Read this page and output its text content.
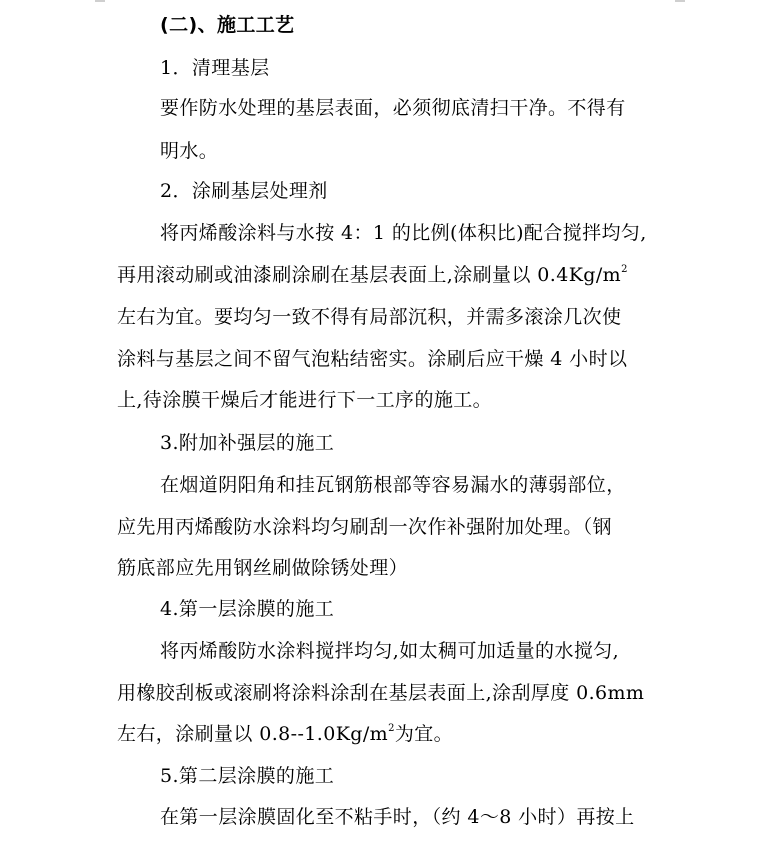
(二)、施工工艺
1．清理基层
要作防水处理的基层表面，必须彻底清扫干净。不得有
明水。
2．涂刷基层处理剂
将丙烯酸涂料与水按 4：1 的比例(体积比)配合搅拌均匀,
再用滚动刷或油漆刷涂刷在基层表面上,涂刷量以 $0.4Kg/m^2$
左右为宜。要均匀一致不得有局部沉积，并需多滚涂几次使
涂料与基层之间不留气泡粘结密实。涂刷后应干燥 4 小时以
上,待涂膜干燥后才能进行下一工序的施工。
3.附加补强层的施工
在烟道阴阳角和挂瓦钢筋根部等容易漏水的薄弱部位，
应先用丙烯酸防水涂料均匀刷刮一次作补强附加处理。（钢
筋底部应先用钢丝刷做除锈处理）
4.第一层涂膜的施工
将丙烯酸防水涂料搅拌均匀,如太稠可加适量的水搅匀,
用橡胶刮板或滚刷将涂料涂刮在基层表面上,涂刮厚度 0.6mm
左右，涂刷量以 $0.8--1.0Kg/m^2$为宜。
5.第二层涂膜的施工
在第一层涂膜固化至不粘手时，（约 4～8 小时）再按上
